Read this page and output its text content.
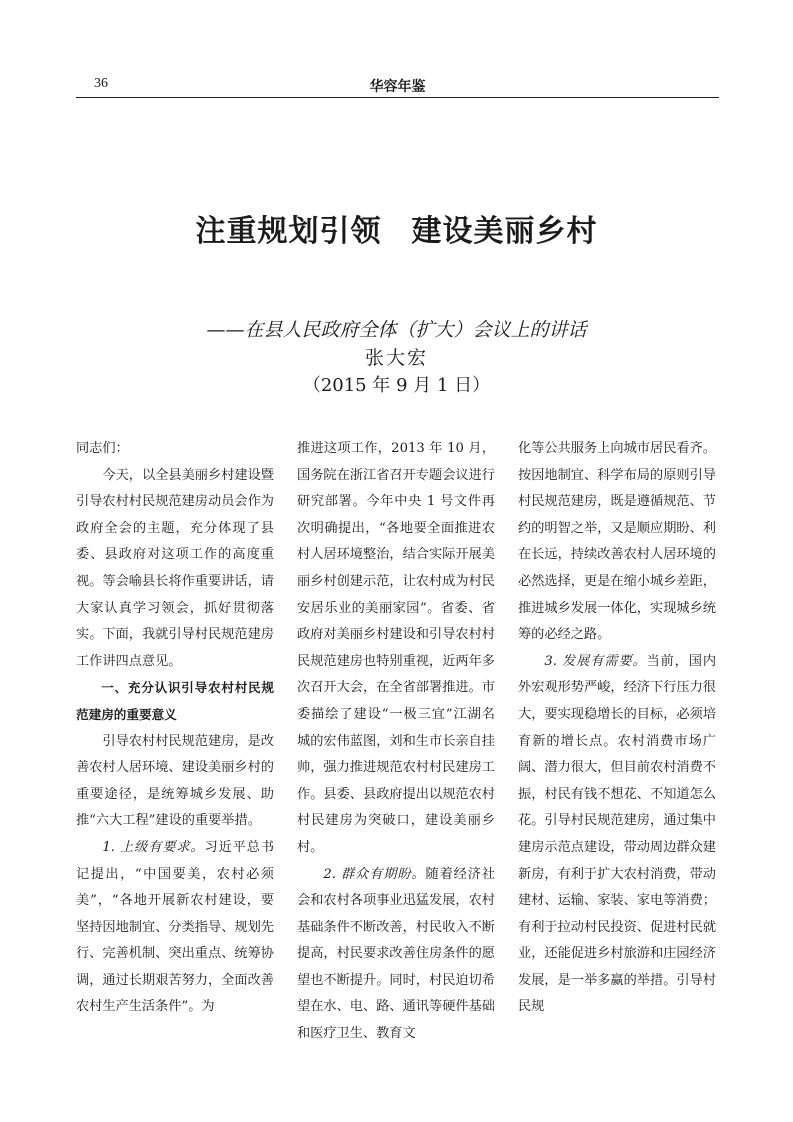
36	华容年鉴
注重规划引领 建设美丽乡村
——在县人民政府全体（扩大）会议上的讲话
张大宏
（2015 年 9 月 1 日）

同志们：

今天，以全县美丽乡村建设暨引导农村村民规范建房动员会作为政府全会的主题，充分体现了县委、县政府对这项工作的高度重视。等会喻县长将作重要讲话，请大家认真学习领会，抓好贯彻落实。下面，我就引导村民规范建房工作讲四点意见。

一、充分认识引导农村村民规范建房的重要意义

引导农村村民规范建房，是改善农村人居环境、建设美丽乡村的重要途径，是统筹城乡发展、助推“六大工程”建设的重要举措。

1. 上级有要求。习近平总书记提出，“中国要美，农村必须美”，“各地开展新农村建设，要坚持因地制宜、分类指导、规划先行、完善机制、突出重点、统筹协调，通过长期艰苦努力，全面改善农村生产生活条件”。为

推进这项工作，2013 年 10 月，国务院在浙江省召开专题会议进行研究部署。今年中央 1 号文件再次明确提出，“各地要全面推进农村人居环境整治，结合实际开展美丽乡村创建示范，让农村成为村民安居乐业的美丽家园”。省委、省政府对美丽乡村建设和引导农村村民规范建房也特别重视，近两年多次召开大会，在全省部署推进。市委描绘了建设“一极三宜”江湖名城的宏伟蓝图，刘和生市长亲自挂帅，强力推进规范农村村民建房工作。县委、县政府提出以规范农村村民建房为突破口，建设美丽乡村。

2. 群众有期盼。随着经济社会和农村各项事业迅猛发展，农村基础条件不断改善，村民收入不断提高，村民要求改善住房条件的愿望也不断提升。同时，村民迫切希望在水、电、路、通讯等硬件基础和医疗卫生、教育文

化等公共服务上向城市居民看齐。按因地制宜、科学布局的原则引导村民规范建房，既是遵循规范、节约的明智之举，又是顺应期盼、利在长远，持续改善农村人居环境的必然选择，更是在缩小城乡差距，推进城乡发展一体化，实现城乡统筹的必经之路。

3. 发展有需要。当前，国内外宏观形势严峻，经济下行压力很大，要实现稳增长的目标，必须培育新的增长点。农村消费市场广阔、潜力很大，但目前农村消费不振，村民有钱不想花、不知道怎么花。引导村民规范建房，通过集中建房示范点建设，带动周边群众建新房，有利于扩大农村消费，带动建材、运输、家装、家电等消费；有利于拉动村民投资、促进村民就业，还能促进乡村旅游和庄园经济发展，是一举多赢的举措。引导村民规
